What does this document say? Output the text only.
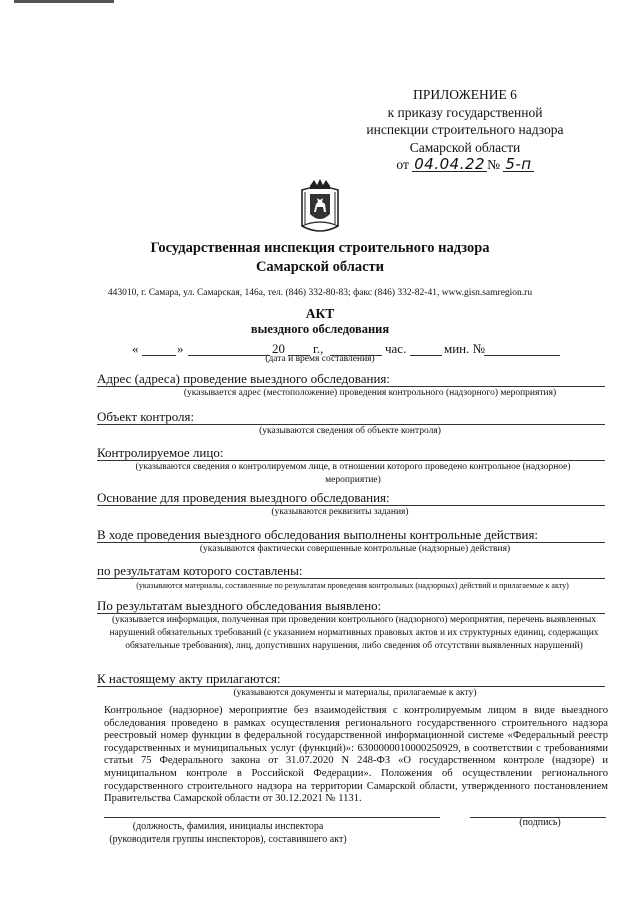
ПРИЛОЖЕНИЕ 6
к приказу государственной
инспекции строительного надзора
Самарской области
от 04.04.22 № 5-п
Государственная инспекция строительного надзора
Самарской области
443010, г. Самара, ул. Самарская, 146а, тел. (846) 332-80-83; факс (846) 332-82-41, www.gisn.samregion.ru
АКТ
выездного обследования
«	»	20 г.,	час.	мин. №
(дата и время составления)
Адрес (адреса) проведение выездного обследования:
(указывается адрес (местоположение) проведения контрольного (надзорного) мероприятия)
Объект контроля:
(указываются сведения об объекте контроля)
Контролируемое лицо:
(указываются сведения о контролируемом лице, в отношении которого проведено контрольное (надзорное) мероприятие)
Основание для проведения выездного обследования:
(указываются реквизиты задания)
В ходе проведения выездного обследования выполнены контрольные действия:
(указываются фактически совершенные контрольные (надзорные) действия)
по результатам которого составлены:
(указываются материалы, составленные по результатам проведения контрольных (надзорных) действий и прилагаемые к акту)
По результатам выездного обследования выявлено:
(указывается информация, полученная при проведении контрольного (надзорного) мероприятия, перечень выявленных нарушений обязательных требований (с указанием нормативных правовых актов и их структурных единиц, содержащих обязательные требования), лиц, допустивших нарушения, либо сведения об отсутствии выявленных нарушений)
К настоящему акту прилагаются:
(указываются документы и материалы, прилагаемые к акту)
Контрольное (надзорное) мероприятие без взаимодействия с контролируемым лицом в виде выездного обследования проведено в рамках осуществления регионального государственного строительного надзора реестровый номер функции в федеральной государственной информационной системе «Федеральный реестр государственных и муниципальных услуг (функций)»: 6300000010000250929, в соответствии с требованиями статьи 75 Федерального закона от 31.07.2020 N 248-ФЗ «О государственном контроле (надзоре) и муниципальном контроле в Российской Федерации». Положения об осуществлении регионального государственного строительного надзора на территории Самарской области, утвержденного постановлением Правительства Самарской области от 30.12.2021 № 1131.
(должность, фамилия, инициалы инспектора (руководителя группы инспекторов), составившего акт)
(подпись)
